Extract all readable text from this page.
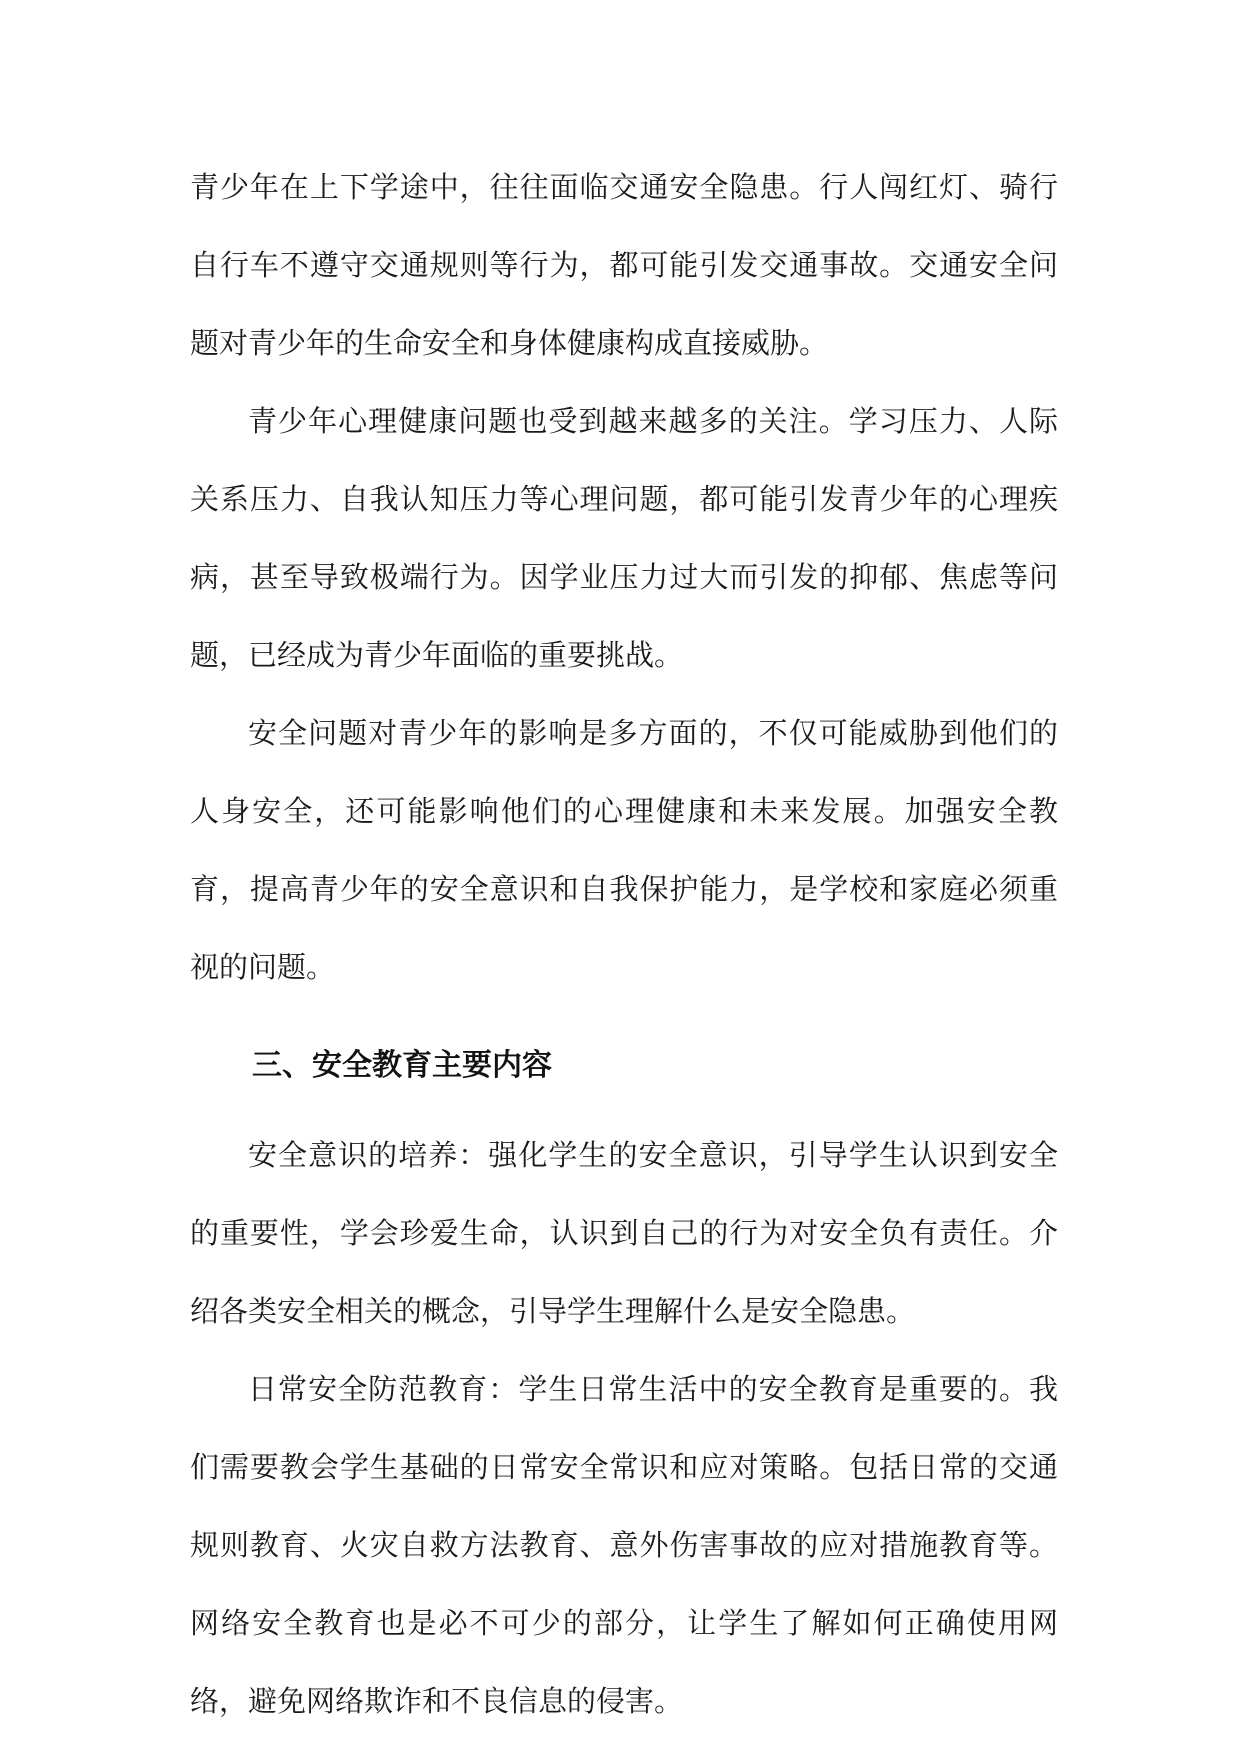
青少年在上下学途中，往往面临交通安全隐患。行人闯红灯、骑行自行车不遵守交通规则等行为，都可能引发交通事故。交通安全问题对青少年的生命安全和身体健康构成直接威胁。

青少年心理健康问题也受到越来越多的关注。学习压力、人际关系压力、自我认知压力等心理问题，都可能引发青少年的心理疾病，甚至导致极端行为。因学业压力过大而引发的抑郁、焦虑等问题，已经成为青少年面临的重要挑战。

安全问题对青少年的影响是多方面的，不仅可能威胁到他们的人身安全，还可能影响他们的心理健康和未来发展。加强安全教育，提高青少年的安全意识和自我保护能力，是学校和家庭必须重视的问题。

三、安全教育主要内容

安全意识的培养：强化学生的安全意识，引导学生认识到安全的重要性，学会珍爱生命，认识到自己的行为对安全负有责任。介绍各类安全相关的概念，引导学生理解什么是安全隐患。

日常安全防范教育：学生日常生活中的安全教育是重要的。我们需要教会学生基础的日常安全常识和应对策略。包括日常的交通规则教育、火灾自救方法教育、意外伤害事故的应对措施教育等。网络安全教育也是必不可少的部分，让学生了解如何正确使用网络，避免网络欺诈和不良信息的侵害。
